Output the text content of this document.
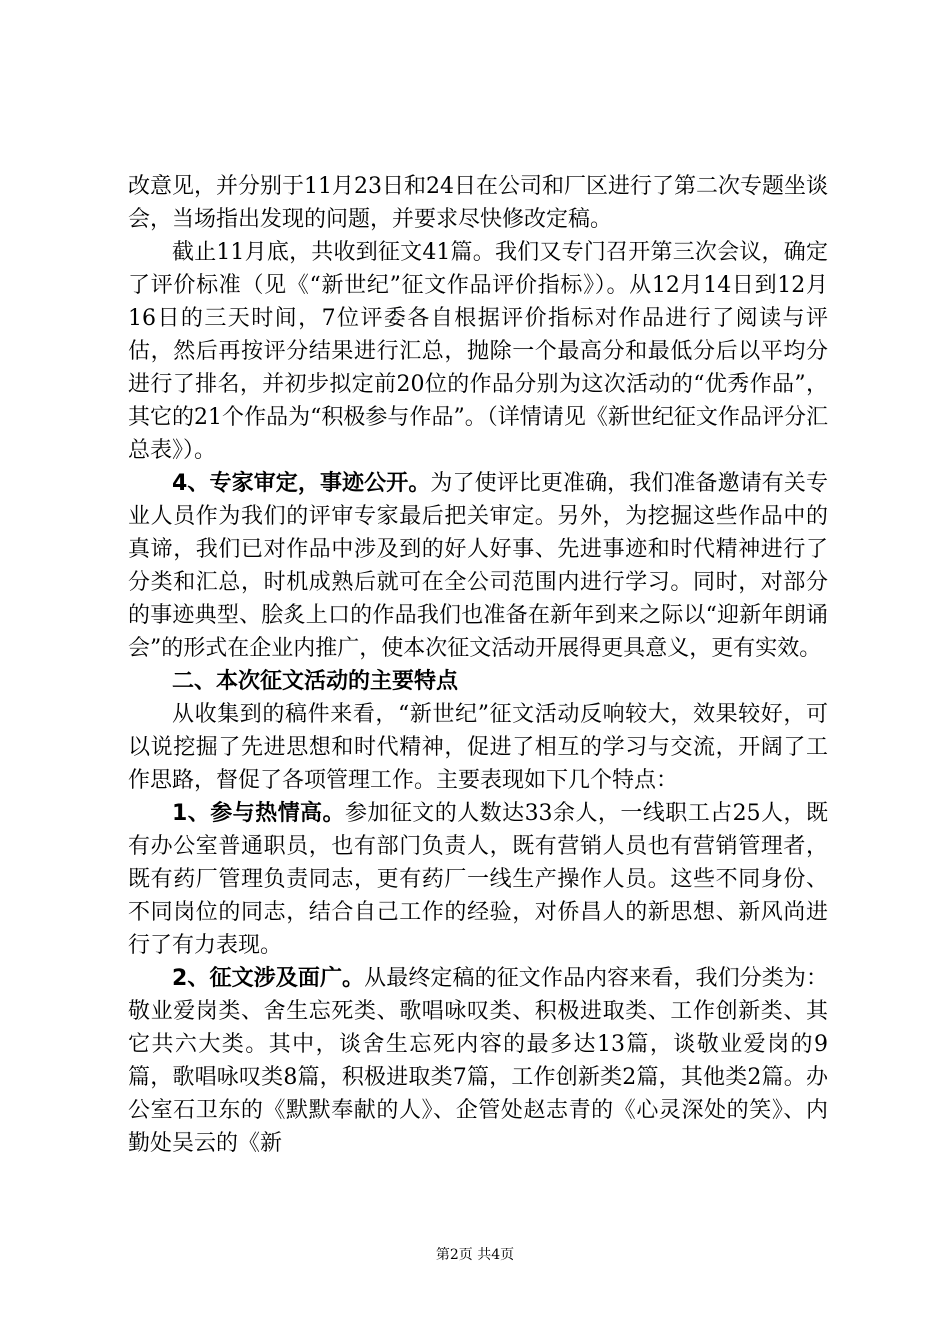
改意见，并分别于11月23日和24日在公司和厂区进行了第二次专题坐谈会，当场指出发现的问题，并要求尽快修改定稿。

截止11月底，共收到征文41篇。我们又专门召开第三次会议，确定了评价标准（见《“新世纪”征文作品评价指标》）。从12月14日到12月16日的三天时间，7位评委各自根据评价指标对作品进行了阅读与评估，然后再按评分结果进行汇总，抛除一个最高分和最低分后以平均分进行了排名，并初步拟定前20位的作品分别为这次活动的“优秀作品”，其它的21个作品为“积极参与作品”。（详情请见《新世纪征文作品评分汇总表》）。

4、专家审定，事迹公开。为了使评比更准确，我们准备邀请有关专业人员作为我们的评审专家最后把关审定。另外，为挖掘这些作品中的真谛，我们已对作品中涉及到的好人好事、先进事迹和时代精神进行了分类和汇总，时机成熟后就可在全公司范围内进行学习。同时，对部分的事迹典型、脍炙上口的作品我们也准备在新年到来之际以“迎新年朗诵会”的形式在企业内推广，使本次征文活动开展得更具意义，更有实效。

二、本次征文活动的主要特点

从收集到的稿件来看，“新世纪”征文活动反响较大，效果较好，可以说挖掘了先进思想和时代精神，促进了相互的学习与交流，开阔了工作思路，督促了各项管理工作。主要表现如下几个特点：

1、参与热情高。参加征文的人数达33余人，一线职工占25人，既有办公室普通职员，也有部门负责人，既有营销人员也有营销管理者，既有药厂管理负责同志，更有药厂一线生产操作人员。这些不同身份、不同岗位的同志，结合自己工作的经验，对侨昌人的新思想、新风尚进行了有力表现。

2、征文涉及面广。从最终定稿的征文作品内容来看，我们分类为：敬业爱岗类、舍生忘死类、歌唱咏叹类、积极进取类、工作创新类、其它共六大类。其中，谈舍生忘死内容的最多达13篇，谈敬业爱岗的9篇，歌唱咏叹类8篇，积极进取类7篇，工作创新类2篇，其他类2篇。办公室石卫东的《默默奉献的人》、企管处赵志青的《心灵深处的笑》、内勤处吴云的《新

第2页 共4页
